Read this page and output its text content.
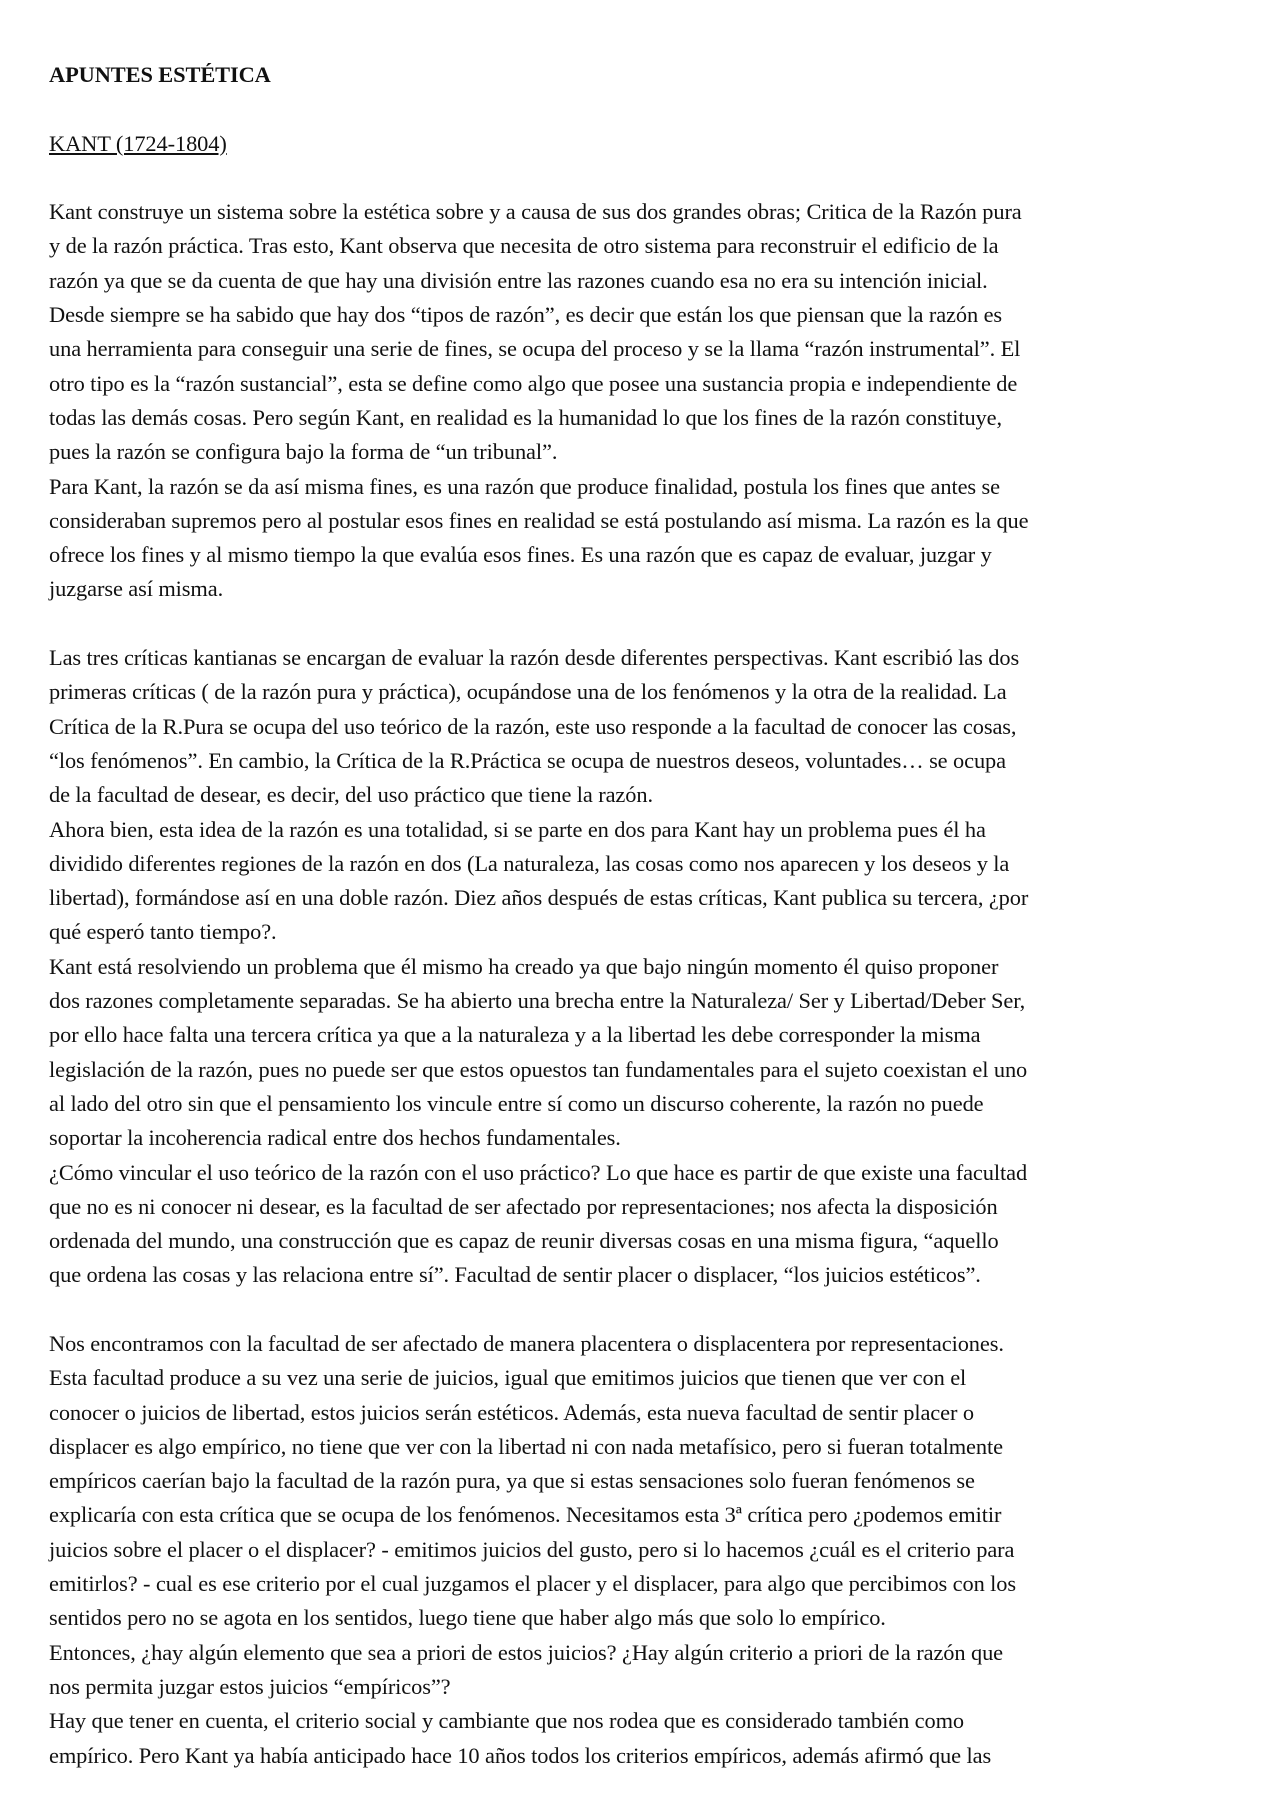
APUNTES ESTÉTICA
KANT (1724-1804)
Kant construye un sistema sobre la estética sobre y a causa de sus dos grandes obras; Critica de la Razón pura
y de la razón práctica. Tras esto, Kant observa que necesita de otro sistema para reconstruir el edificio de la
razón ya que se da cuenta de que hay una división entre las razones cuando esa no era su intención inicial.
Desde siempre se ha sabido que hay dos “tipos de razón”, es decir que están los que piensan que la razón es
una herramienta para conseguir una serie de fines, se ocupa del proceso y se la llama “razón instrumental”. El
otro tipo es la “razón sustancial”, esta se define como algo que posee una sustancia propia e independiente de
todas las demás cosas. Pero según Kant, en realidad es la humanidad lo que los fines de la razón constituye,
pues la razón se configura bajo la forma de “un tribunal”.
Para Kant, la razón se da así misma fines, es una razón que produce finalidad, postula los fines que antes se
consideraban supremos pero al postular esos fines en realidad se está postulando así misma. La razón es la que
ofrece los fines y al mismo tiempo la que evalúa esos fines. Es una razón que es capaz de evaluar, juzgar y
juzgarse así misma.
Las tres críticas kantianas se encargan de evaluar la razón desde diferentes perspectivas. Kant escribió las dos
primeras críticas ( de la razón pura y práctica), ocupándose una de los fenómenos y la otra de la realidad. La
Crítica de la R.Pura se ocupa del uso teórico de la razón, este uso responde a la facultad de conocer las cosas,
“los fenómenos”. En cambio, la Crítica de la R.Práctica se ocupa de nuestros deseos, voluntades… se ocupa
de la facultad de desear, es decir, del uso práctico que tiene la razón.
Ahora bien, esta idea de la razón es una totalidad, si se parte en dos para Kant hay un problema pues él ha
dividido diferentes regiones de la razón en dos (La naturaleza, las cosas como nos aparecen y los deseos y la
libertad), formándose así en una doble razón. Diez años después de estas críticas, Kant publica su tercera, ¿por
qué esperó tanto tiempo?.
Kant está resolviendo un problema que él mismo ha creado ya que bajo ningún momento él quiso proponer
dos razones completamente separadas. Se ha abierto una brecha entre la Naturaleza/ Ser y Libertad/Deber Ser,
por ello hace falta una tercera crítica ya que a la naturaleza y a la libertad les debe corresponder la misma
legislación de la razón, pues no puede ser que estos opuestos tan fundamentales para el sujeto coexistan el uno
al lado del otro sin que el pensamiento los vincule entre sí como un discurso coherente, la razón no puede
soportar la incoherencia radical entre dos hechos fundamentales.
¿Cómo vincular el uso teórico de la razón con el uso práctico? Lo que hace es partir de que existe una facultad
que no es ni conocer ni desear, es la facultad de ser afectado por representaciones; nos afecta la disposición
ordenada del mundo, una construcción que es capaz de reunir diversas cosas en una misma figura, “aquello
que ordena las cosas y las relaciona entre sí”. Facultad de sentir placer o displacer, “los juicios estéticos”.
Nos encontramos con la facultad de ser afectado de manera placentera o displacentera por representaciones.
Esta facultad produce a su vez una serie de juicios, igual que emitimos juicios que tienen que ver con el
conocer o juicios de libertad, estos juicios serán estéticos. Además, esta nueva facultad de sentir placer o
displacer es algo empírico, no tiene que ver con la libertad ni con nada metafísico, pero si fueran totalmente
empíricos caerían bajo la facultad de la razón pura, ya que si estas sensaciones solo fueran fenómenos se
explicaría con esta crítica que se ocupa de los fenómenos. Necesitamos esta 3ª crítica pero ¿podemos emitir
juicios sobre el placer o el displacer? - emitimos juicios del gusto, pero si lo hacemos ¿cuál es el criterio para
emitirlos? - cual es ese criterio por el cual juzgamos el placer y el displacer, para algo que percibimos con los
sentidos pero no se agota en los sentidos, luego tiene que haber algo más que solo lo empírico.
Entonces, ¿hay algún elemento que sea a priori de estos juicios? ¿Hay algún criterio a priori de la razón que
nos permita juzgar estos juicios “empíricos”?
Hay que tener en cuenta, el criterio social y cambiante que nos rodea que es considerado también como
empírico. Pero Kant ya había anticipado hace 10 años todos los criterios empíricos, además afirmó que las
